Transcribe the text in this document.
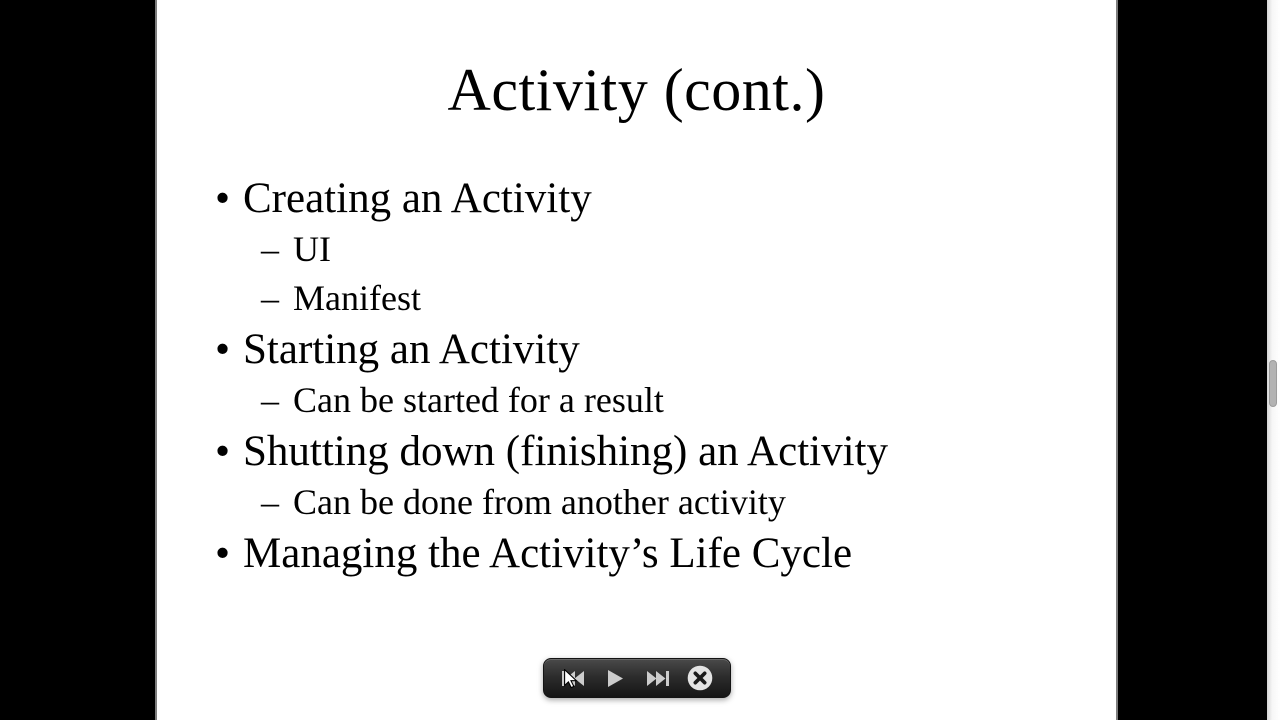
Activity (cont.)
• Creating an Activity
– UI
– Manifest
• Starting an Activity
– Can be started for a result
• Shutting down (finishing) an Activity
– Can be done from another activity
• Managing the Activity’s Life Cycle
